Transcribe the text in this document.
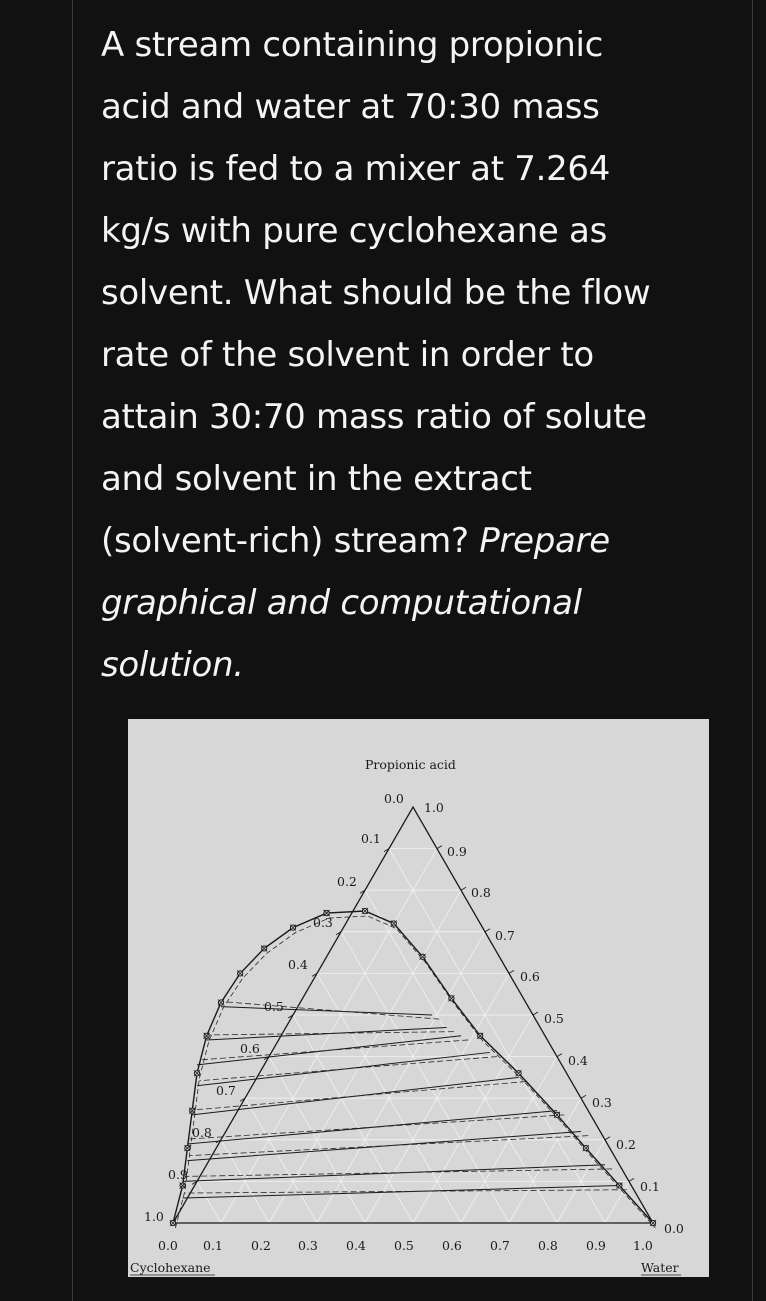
A stream containing propionic
acid and water at 70:30 mass
ratio is fed to a mixer at 7.264
kg/s with pure cyclohexane as
solvent. What should be the flow
rate of the solvent in order to
attain 30:70 mass ratio of solute
and solvent in the extract
(solvent-rich) stream? Prepare
graphical and computational
solution.
Propionic acid
0.0
1.0
0.1
0.2
0.3
0.4
0.5
0.6
0.7
0.8
0.9
1.0
0.9
0.8
0.7
0.6
0.5
0.4
0.3
0.2
0.1
0.0
0.0 0.1 0.2 0.3 0.4 0.5 0.6 0.7 0.8 0.9 1.0
Cyclohexane	Water
